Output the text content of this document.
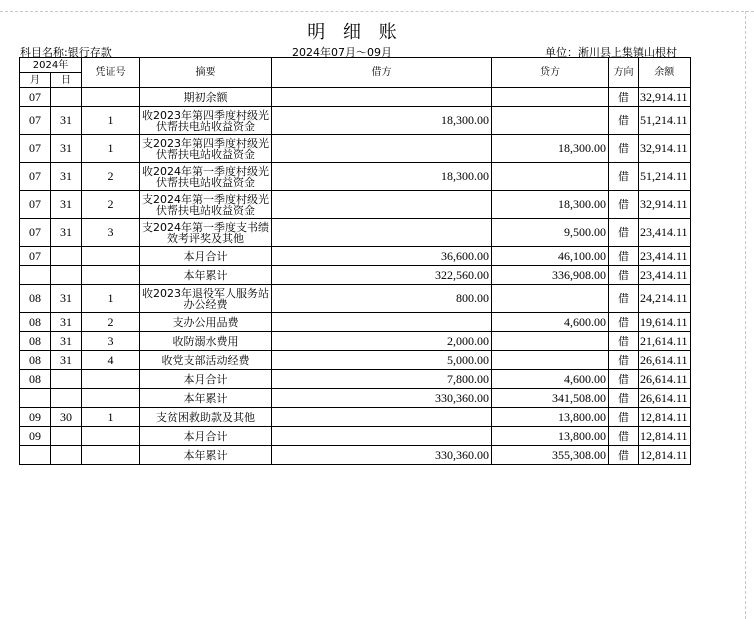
明 细 账
科目名称:银行存款	2024年07月～09月	单位：淅川县上集镇山根村
2024年		凭证号	摘要	借方	贷方	方向	余额
月	日						
07			期初余额			借	32,914.11
07	31	1	收2023年第四季度村级光伏帮扶电站收益资金	18,300.00		借	51,214.11
07	31	1	支2023年第四季度村级光伏帮扶电站收益资金		18,300.00	借	32,914.11
07	31	2	收2024年第一季度村级光伏帮扶电站收益资金	18,300.00		借	51,214.11
07	31	2	支2024年第一季度村级光伏帮扶电站收益资金		18,300.00	借	32,914.11
07	31	3	支2024年第一季度支书绩效考评奖及其他		9,500.00	借	23,414.11
07			本月合计	36,600.00	46,100.00	借	23,414.11
			本年累计	322,560.00	336,908.00	借	23,414.11
08	31	1	收2023年退役军人服务站办公经费	800.00		借	24,214.11
08	31	2	支办公用品费		4,600.00	借	19,614.11
08	31	3	收防溺水费用	2,000.00		借	21,614.11
08	31	4	收党支部活动经费	5,000.00		借	26,614.11
08			本月合计	7,800.00	4,600.00	借	26,614.11
			本年累计	330,360.00	341,508.00	借	26,614.11
09	30	1	支贫困救助款及其他		13,800.00	借	12,814.11
09			本月合计		13,800.00	借	12,814.11
			本年累计	330,360.00	355,308.00	借	12,814.11
